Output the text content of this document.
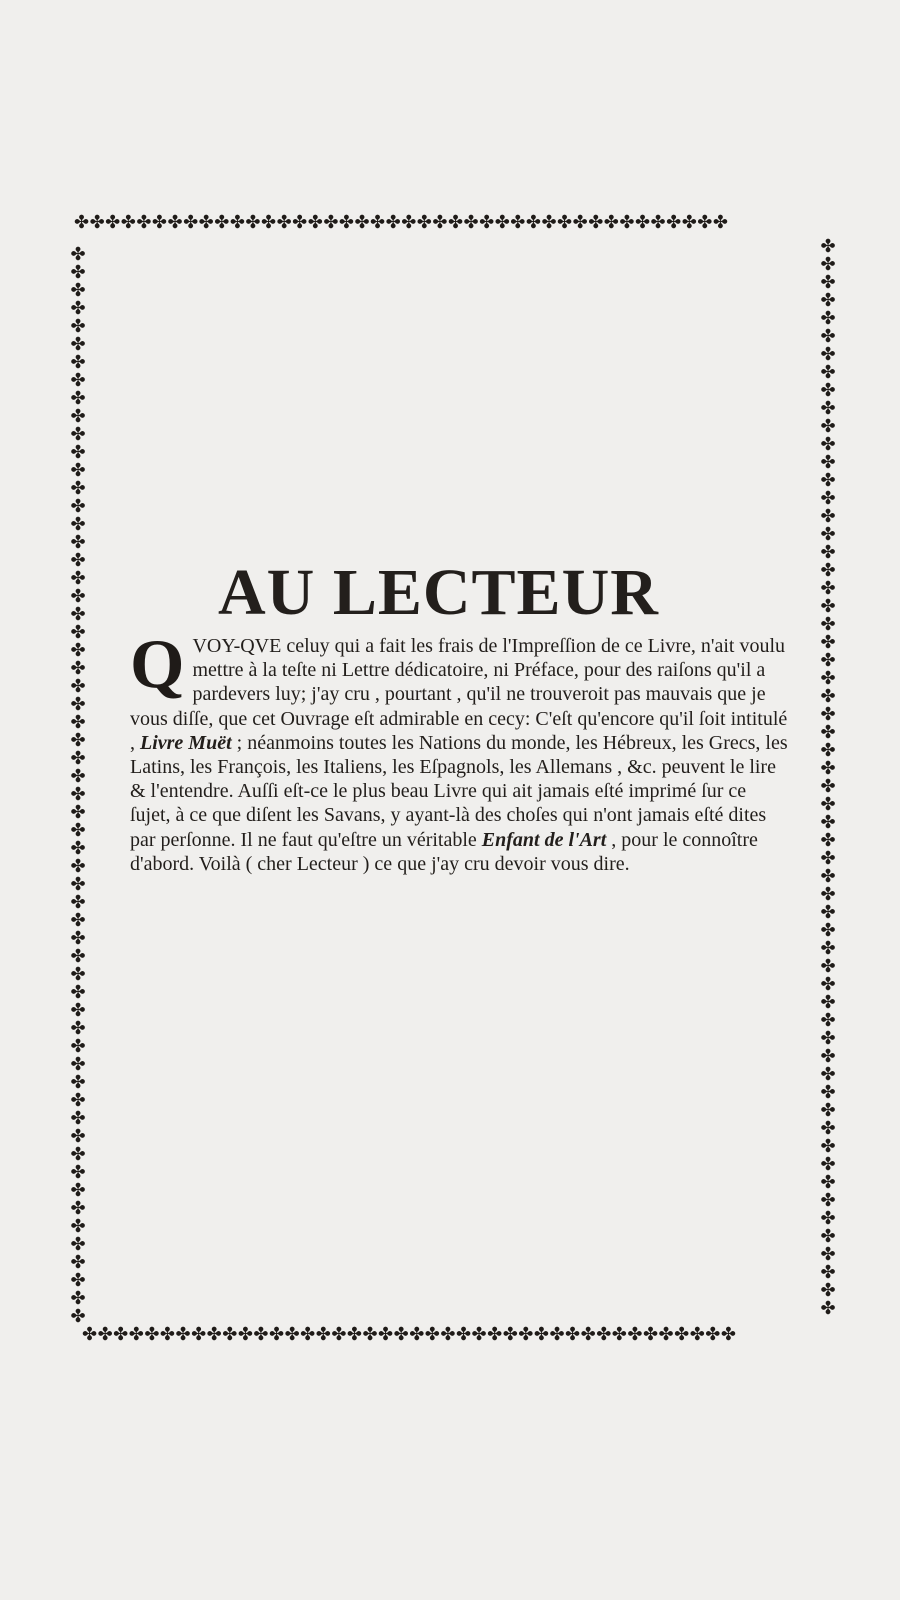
✤✤✤✤✤✤✤✤✤✤✤✤✤✤✤✤✤✤✤✤✤✤✤✤✤✤✤✤✤✤✤✤✤✤✤✤✤✤✤✤✤✤
✤✤✤✤✤✤✤✤✤✤✤✤✤✤✤✤✤✤✤✤✤✤✤✤✤✤✤✤✤✤✤✤✤✤✤✤✤✤✤✤✤✤✤✤✤✤✤✤✤✤✤✤✤✤✤✤✤✤✤✤
✤✤✤✤✤✤✤✤✤✤✤✤✤✤✤✤✤✤✤✤✤✤✤✤✤✤✤✤✤✤✤✤✤✤✤✤✤✤✤✤✤✤✤✤✤✤✤✤✤✤✤✤✤✤✤✤✤✤✤✤
✤✤✤✤✤✤✤✤✤✤✤✤✤✤✤✤✤✤✤✤✤✤✤✤✤✤✤✤✤✤✤✤✤✤✤✤✤✤✤✤✤✤
AU LECTEUR
Q VOY-QVE celuy qui a fait les frais de l'Impreſſion de ce Livre, n'ait voulu mettre à la teſte ni Lettre dédicatoire, ni Préface, pour des raiſons qu'il a pardevers luy; j'ay cru , pourtant , qu'il ne trouveroit pas mauvais que je vous diſſe, que cet Ouvrage eſt admirable en cecy: C'eſt qu'encore qu'il ſoit intitulé , Livre Muët ; néanmoins toutes les Nations du monde, les Hébreux, les Grecs, les Latins, les François, les Italiens, les Eſpagnols, les Allemans , &c. peuvent le lire & l'entendre. Auſſi eſt-ce le plus beau Livre qui ait jamais eſté imprimé ſur ce ſujet, à ce que diſent les Savans, y ayant-là des choſes qui n'ont jamais eſté dites par perſonne. Il ne faut qu'eſtre un véritable Enfant de l'Art , pour le connoître d'abord. Voilà ( cher Lecteur ) ce que j'ay cru devoir vous dire.
